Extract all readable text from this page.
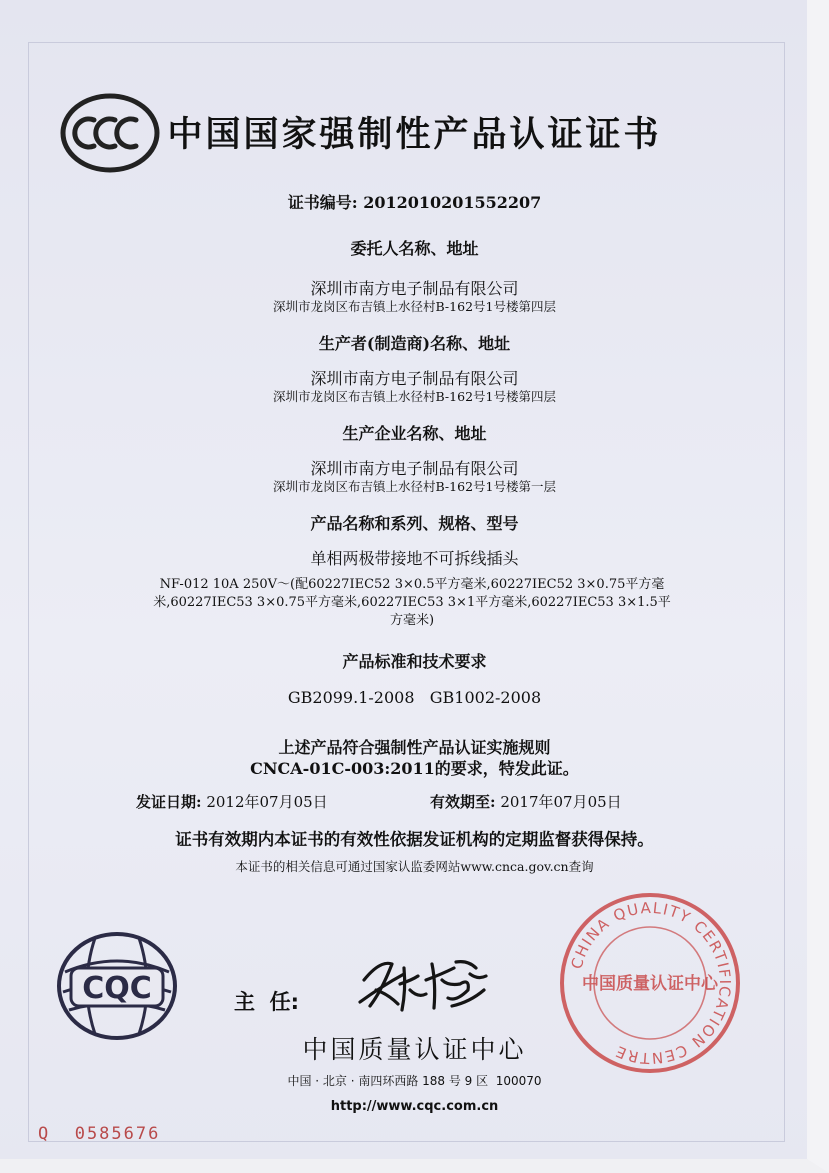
中国国家强制性产品认证证书
证书编号: 2012010201552207
委托人名称、地址
深圳市南方电子制品有限公司
深圳市龙岗区布吉镇上水径村B-162号1号楼第四层
生产者(制造商)名称、地址
深圳市南方电子制品有限公司
深圳市龙岗区布吉镇上水径村B-162号1号楼第四层
生产企业名称、地址
深圳市南方电子制品有限公司
深圳市龙岗区布吉镇上水径村B-162号1号楼第一层
产品名称和系列、规格、型号
单相两极带接地不可拆线插头
NF-012 10A 250V～(配60227IEC52 3×0.5平方毫米,60227IEC52 3×0.75平方毫
米,60227IEC53 3×0.75平方毫米,60227IEC53 3×1平方毫米,60227IEC53 3×1.5平
方毫米)
产品标准和技术要求
GB2099.1-2008   GB1002-2008
上述产品符合强制性产品认证实施规则
CNCA-01C-003:2011的要求，特发此证。
发证日期: 2012年07月05日	有效期至: 2017年07月05日
证书有效期内本证书的有效性依据发证机构的定期监督获得保持。
本证书的相关信息可通过国家认监委网站www.cnca.gov.cn查询
CQC	主  任:
CHINA QUALITY CERTIFICATION CENTRE
中国质量认证中心
中国质量认证中心
中国 · 北京 · 南四环西路 188 号 9 区  100070
http://www.cqc.com.cn
Q  0585676
